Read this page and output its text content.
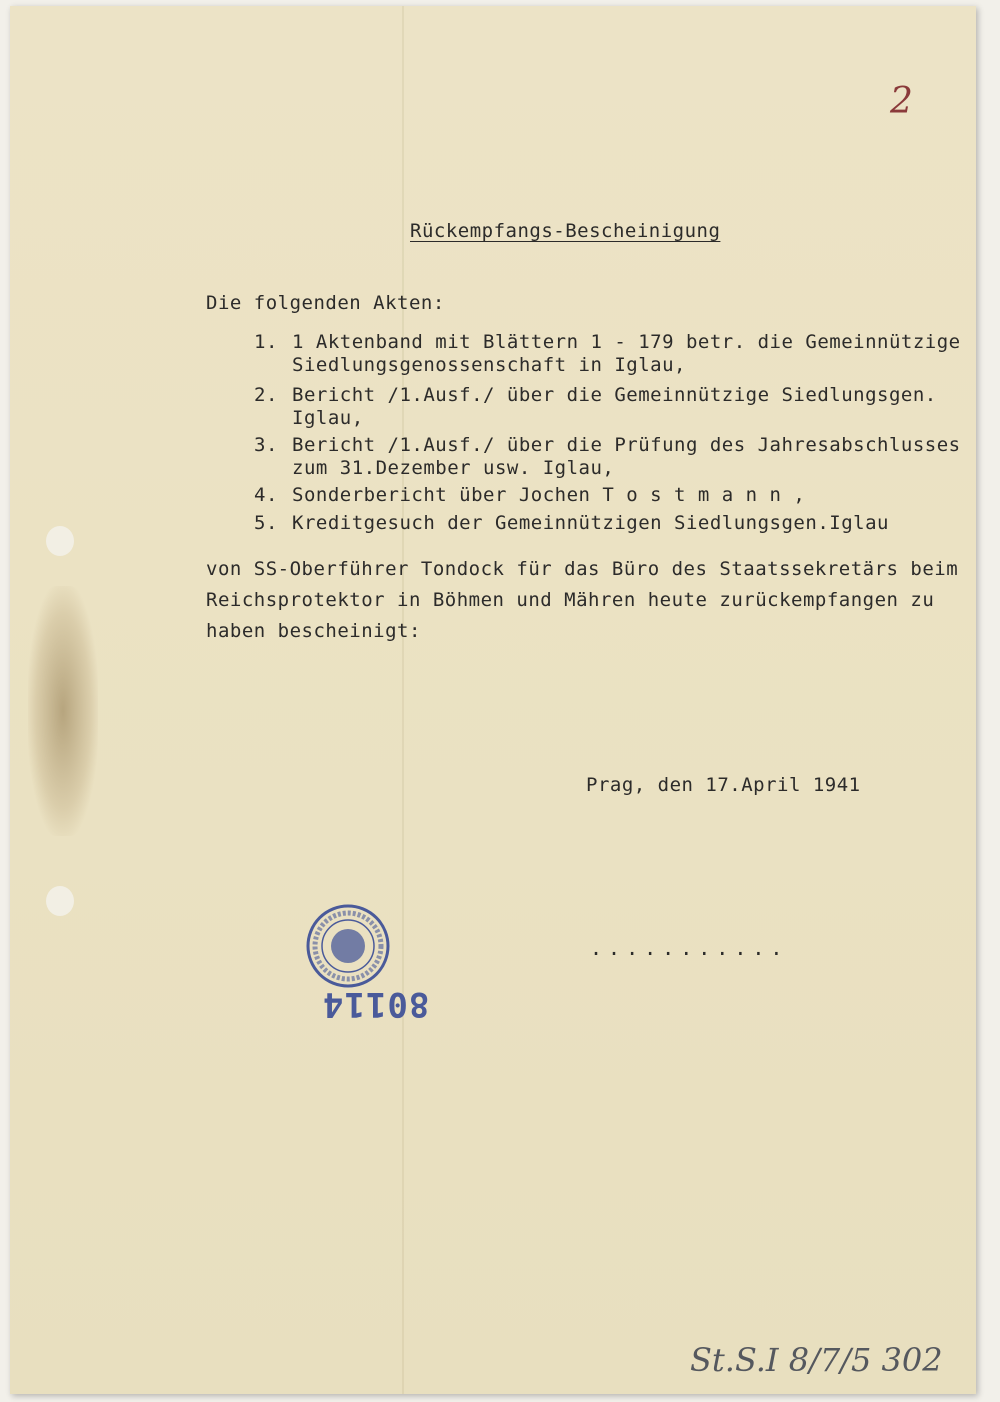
2
Rückempfangs-Bescheinigung
Die folgenden Akten:
1. 1 Aktenband mit Blättern 1 - 179 betr. die Gemeinnützige
Siedlungsgenossenschaft in Iglau,
2. Bericht /1.Ausf./ über die Gemeinnützige Siedlungsgen.
Iglau,
3. Bericht /1.Ausf./ über die Prüfung des Jahresabschlusses
zum 31.Dezember usw. Iglau,
4. Sonderbericht über Jochen T o s t m a n n ,
5. Kreditgesuch der Gemeinnützigen Siedlungsgen.Iglau
von SS-Oberführer Tondock für das Büro des Staatssekretärs beim
Reichsprotektor in Böhmen und Mähren heute zurückempfangen zu
haben bescheinigt:
Prag, den 17.April 1941
...........
80114
St.S.I 8/7/5 302
